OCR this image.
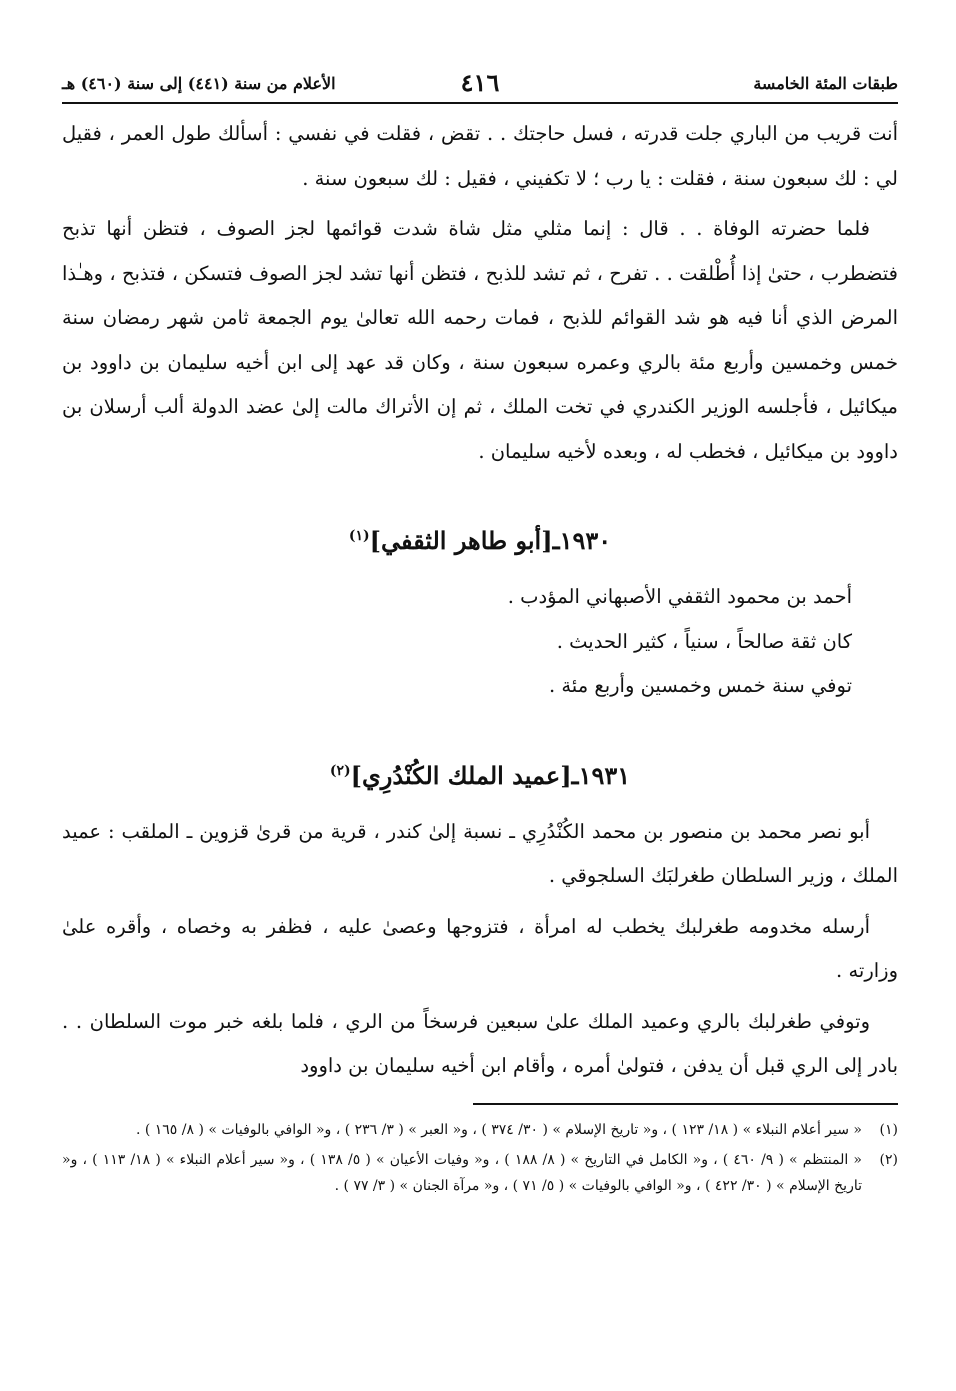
طبقات المئة الخامسة
٤١٦
الأعلام من سنة (٤٤١) إلى سنة (٤٦٠) هـ

أنت قريب من الباري جلت قدرته ، فسل حاجتك . . تقض ، فقلت في نفسي : أسألك طول العمر ، فقيل لي : لك سبعون سنة ، فقلت : يا رب ؛ لا تكفيني ، فقيل : لك سبعون سنة .

فلما حضرته الوفاة . . قال : إنما مثلي مثل شاة شدت قوائمها لجز الصوف ، فتظن أنها تذبح فتضطرب ، حتىٰ إذا أُطْلقت . . تفرح ، ثم تشد للذبح ، فتظن أنها تشد لجز الصوف فتسكن ، فتذبح ، وهـٰذا المرض الذي أنا فيه هو شد القوائم للذبح ، فمات رحمه الله تعالىٰ يوم الجمعة ثامن شهر رمضان سنة خمس وخمسين وأربع مئة بالري وعمره سبعون سنة ، وكان قد عهد إلى ابن أخيه سليمان بن داوود بن ميكائيل ، فأجلسه الوزير الكندري في تخت الملك ، ثم إن الأتراك مالت إلىٰ عضد الدولة ألب أرسلان بن داوود بن ميكائيل ، فخطب له ، وبعده لأخيه سليمان .

١٩٣٠ـ[أبو طاهر الثقفي]$^{(١)}$

أحمد بن محمود الثقفي الأصبهاني المؤدب .

كان ثقة صالحاً ، سنياً ، كثير الحديث .

توفي سنة خمس وخمسين وأربع مئة .

١٩٣١ـ[عميد الملك الكُنْدُرِي]$^{(٢)}$

أبو نصر محمد بن منصور بن محمد الكُنْدُرِي ـ نسبة إلىٰ كندر ، قرية من قرىٰ قزوين ـ الملقب : عميد الملك ، وزير السلطان طغرلبَك السلجوقي .

أرسله مخدومه طغرلبك يخطب له امرأة ، فتزوجها وعصىٰ عليه ، فظفر به وخصاه ، وأقره علىٰ وزارته .

وتوفي طغرلبك بالري وعميد الملك علىٰ سبعين فرسخاً من الري ، فلما بلغه خبر موت السلطان . . بادر إلى الري قبل أن يدفن ، فتولىٰ أمره ، وأقام ابن أخيه سليمان بن داوود

(١)
« سير أعلام النبلاء » ( ١٨/ ١٢٣ ) ، و« تاريخ الإسلام » ( ٣٠/ ٣٧٤ ) ، و« العبر » ( ٣/ ٢٣٦ ) ، و« الوافي بالوفيات » ( ٨/ ١٦٥ ) .
(٢)
« المنتظم » ( ٩/ ٤٦٠ ) ، و« الكامل في التاريخ » ( ٨/ ١٨٨ ) ، و« وفيات الأعيان » ( ٥/ ١٣٨ ) ، و« سير أعلام النبلاء » ( ١٨/ ١١٣ ) ، و« تاريخ الإسلام » ( ٣٠/ ٤٢٢ ) ، و« الوافي بالوفيات » ( ٥/ ٧١ ) ، و« مرآة الجنان » ( ٣/ ٧٧ ) .
